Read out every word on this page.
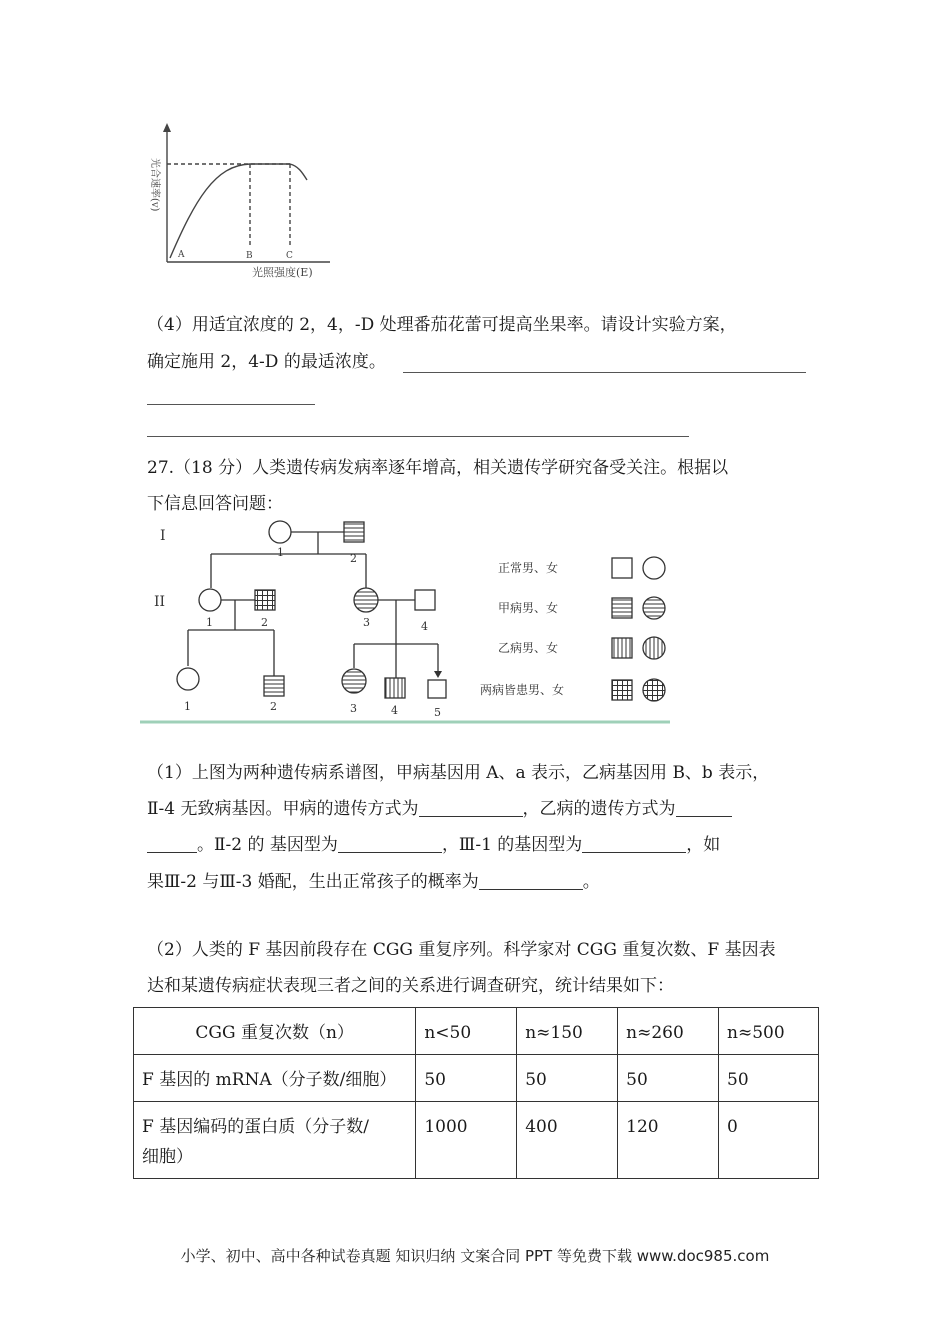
光合速率(v)
A	B	C
光照强度(E)
（4）用适宜浓度的 2，4，-D 处理番茄花蕾可提高坐果率。请设计实验方案，
确定施用 2，4-D 的最适浓度。
27.（18 分）人类遗传病发病率逐年增高，相关遗传学研究备受关注。根据以
下信息回答问题：
I
II
1	2
1	2	3	4
1	2	3	4	5
正常男、女
甲病男、女
乙病男、女
两病皆患男、女
（1）上图为两种遗传病系谱图，甲病基因用 A、a 表示，乙病基因用 B、b 表示，
Ⅱ-4 无致病基因。甲病的遗传方式为	，乙病的遗传方式为
。Ⅱ-2 的 基因型为	，Ⅲ-1 的基因型为	，如
果Ⅲ-2 与Ⅲ-3 婚配，生出正常孩子的概率为	。
（2）人类的 F 基因前段存在 CGG 重复序列。科学家对 CGG 重复次数、F 基因表
达和某遗传病症状表现三者之间的关系进行调查研究，统计结果如下：
CGG 重复次数（n）	n<50	n≈150	n≈260	n≈500
F 基因的 mRNA（分子数/细胞）	50	50	50	50

F 基因编码的蛋白质（分子数/
细胞）	1000	400	120	0
小学、初中、高中各种试卷真题 知识归纳 文案合同 PPT 等免费下载 www.doc985.com
